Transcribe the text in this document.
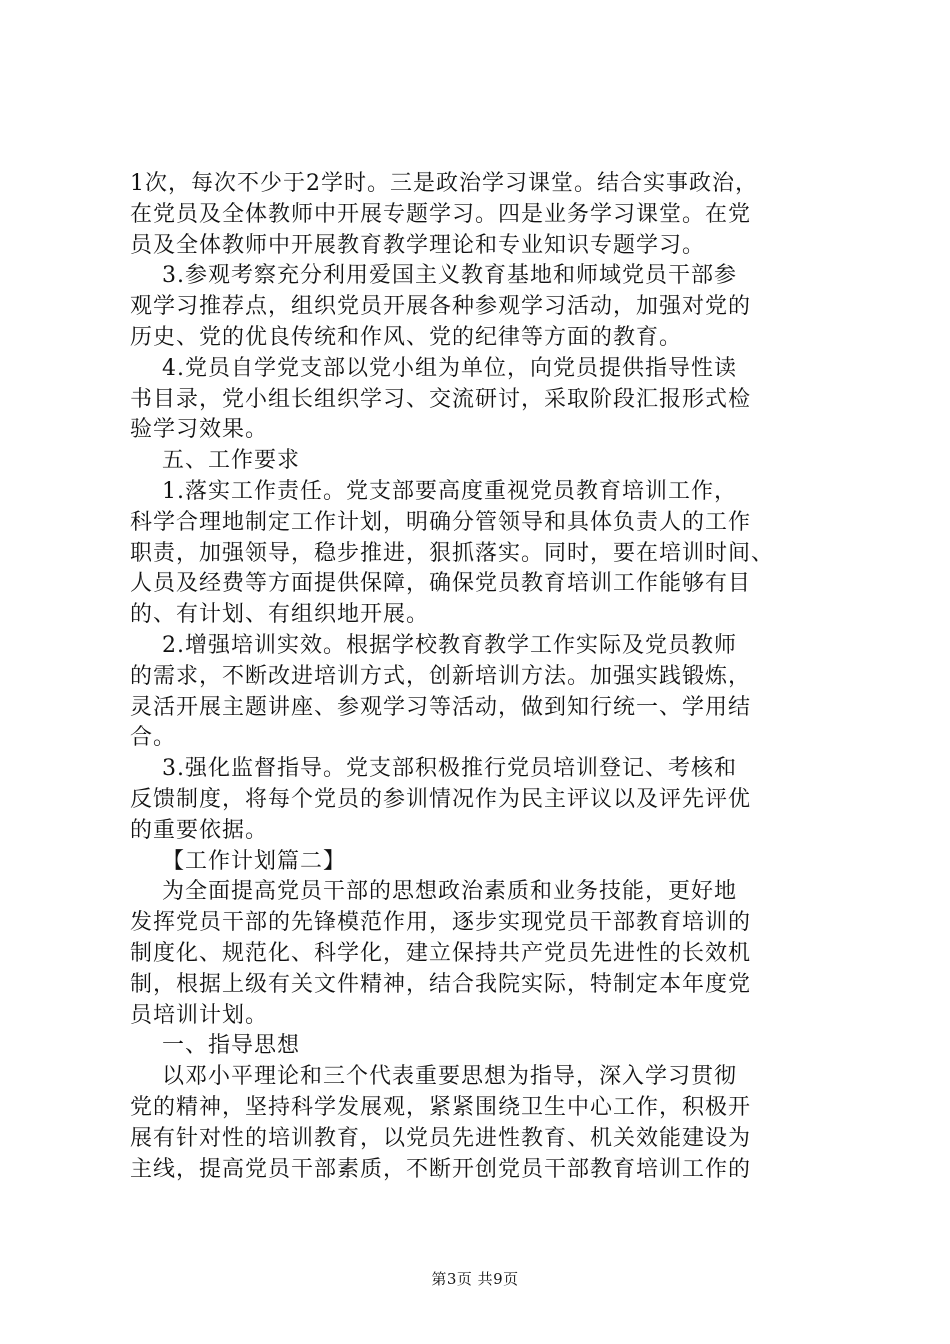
1次，每次不少于2学时。三是政治学习课堂。结合实事政治，
在党员及全体教师中开展专题学习。四是业务学习课堂。在党
员及全体教师中开展教育教学理论和专业知识专题学习。
3.参观考察充分利用爱国主义教育基地和师域党员干部参
观学习推荐点，组织党员开展各种参观学习活动，加强对党的
历史、党的优良传统和作风、党的纪律等方面的教育。
4.党员自学党支部以党小组为单位，向党员提供指导性读
书目录，党小组长组织学习、交流研讨，采取阶段汇报形式检
验学习效果。
五、工作要求
1.落实工作责任。党支部要高度重视党员教育培训工作，
科学合理地制定工作计划，明确分管领导和具体负责人的工作
职责，加强领导，稳步推进，狠抓落实。同时，要在培训时间、
人员及经费等方面提供保障，确保党员教育培训工作能够有目
的、有计划、有组织地开展。
2.增强培训实效。根据学校教育教学工作实际及党员教师
的需求，不断改进培训方式，创新培训方法。加强实践锻炼，
灵活开展主题讲座、参观学习等活动，做到知行统一、学用结
合。
3.强化监督指导。党支部积极推行党员培训登记、考核和
反馈制度，将每个党员的参训情况作为民主评议以及评先评优
的重要依据。
【工作计划篇二】
为全面提高党员干部的思想政治素质和业务技能，更好地
发挥党员干部的先锋模范作用，逐步实现党员干部教育培训的
制度化、规范化、科学化，建立保持共产党员先进性的长效机
制，根据上级有关文件精神，结合我院实际，特制定本年度党
员培训计划。
一、指导思想
以邓小平理论和三个代表重要思想为指导，深入学习贯彻
党的精神，坚持科学发展观，紧紧围绕卫生中心工作，积极开
展有针对性的培训教育，以党员先进性教育、机关效能建设为
主线，提高党员干部素质，不断开创党员干部教育培训工作的
第3页 共9页
